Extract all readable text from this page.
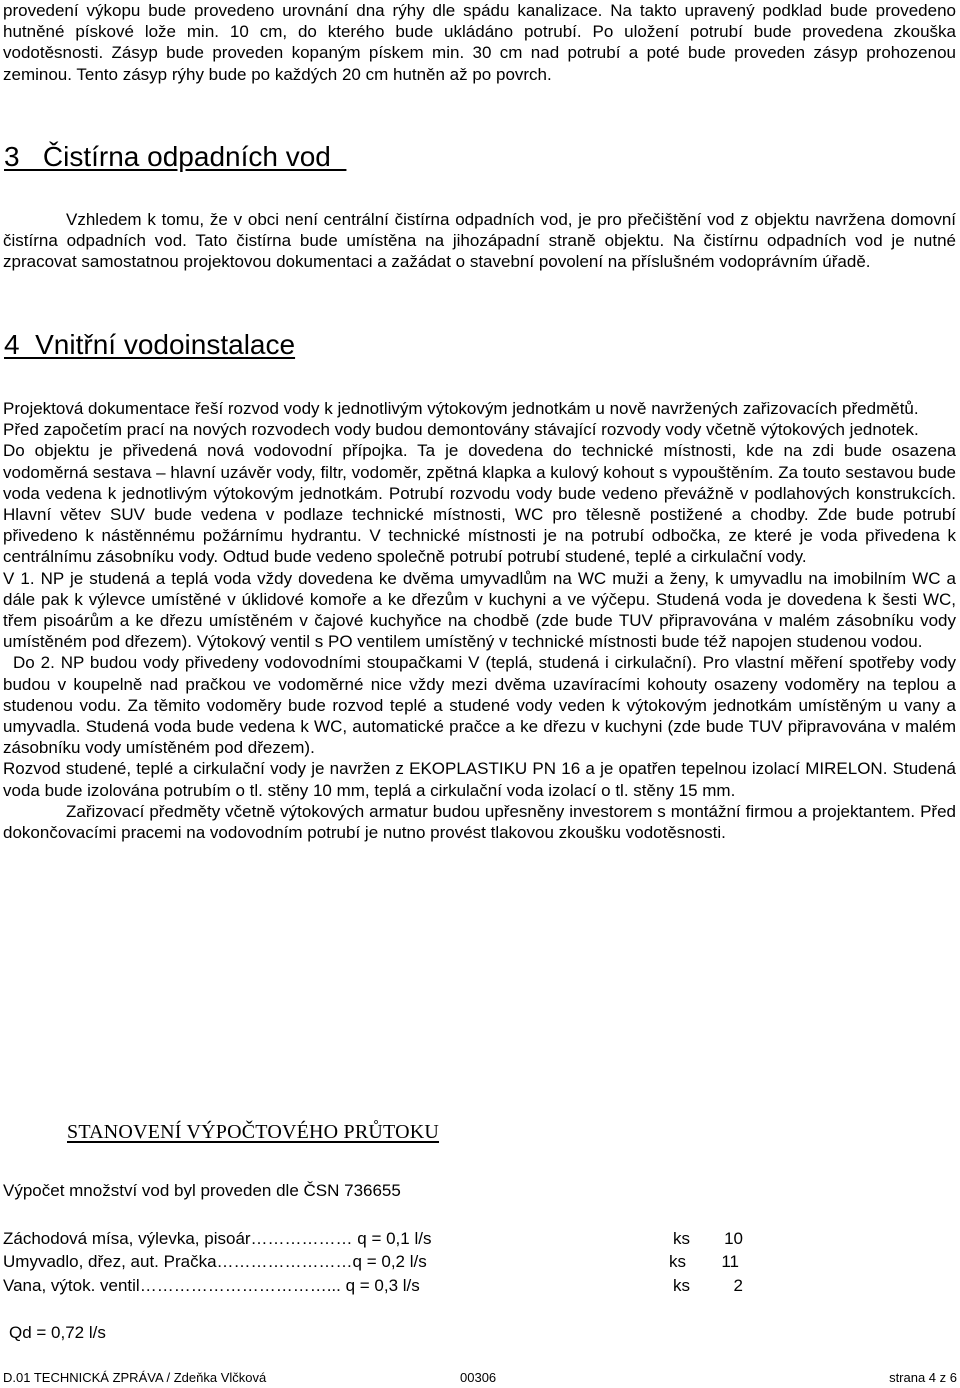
provedení výkopu bude provedeno urovnání dna rýhy dle spádu kanalizace. Na takto upravený podklad bude provedeno hutněné pískové lože min. 10 cm, do kterého bude ukládáno potrubí. Po uložení potrubí bude provedena zkouška vodotěsnosti. Zásyp bude proveden kopaným pískem min. 30 cm nad potrubí a poté bude proveden zásyp prohozenou zeminou. Tento zásyp rýhy bude po každých 20 cm hutněn až po povrch.
3   Čistírna odpadních vod
Vzhledem k tomu, že v obci není centrální čistírna odpadních vod, je pro přečištění vod z objektu navržena domovní čistírna odpadních vod. Tato čistírna bude umístěna na jihozápadní straně objektu. Na čistírnu odpadních vod je nutné zpracovat samostatnou projektovou dokumentaci a zažádat o stavební povolení na příslušném vodoprávním úřadě.
4  Vnitřní vodoinstalace
Projektová dokumentace řeší rozvod vody k jednotlivým výtokovým jednotkám u nově navržených zařizovacích předmětů.
Před započetím prací na nových rozvodech vody budou demontovány stávající rozvody vody včetně výtokových jednotek.
Do objektu je přivedená nová vodovodní přípojka. Ta je dovedena do technické místnosti, kde na zdi bude osazena vodoměrná sestava – hlavní uzávěr vody, filtr, vodoměr, zpětná klapka a kulový kohout s vypouštěním. Za touto sestavou bude voda vedena k jednotlivým výtokovým jednotkám. Potrubí rozvodu vody bude vedeno převážně v podlahových konstrukcích. Hlavní větev SUV bude vedena v podlaze technické místnosti, WC pro tělesně postižené a chodby. Zde bude potrubí přivedeno k nástěnnému požárnímu hydrantu. V technické místnosti je na potrubí odbočka, ze které je voda přivedena k centrálnímu zásobníku vody. Odtud bude vedeno společně potrubí potrubí studené, teplé a cirkulační vody.
V 1. NP je studená a teplá voda vždy dovedena ke dvěma umyvadlům na WC muži a ženy, k umyvadlu na imobilním WC a dále pak k výlevce umístěné v úklidové komoře a ke dřezům v kuchyni a ve výčepu. Studená voda je dovedena k šesti WC, třem pisoárům a ke dřezu umístěném v čajové kuchyňce na chodbě (zde bude TUV připravována v malém zásobníku vody umístěném pod dřezem). Výtokový ventil s PO ventilem umístěný v technické místnosti bude též napojen studenou vodou.
Do 2. NP budou vody přivedeny vodovodními stoupačkami V (teplá, studená i cirkulační). Pro vlastní měření spotřeby vody budou v koupelně nad pračkou ve vodoměrné nice vždy mezi dvěma uzavíracími kohouty osazeny vodoměry na teplou a studenou vodu. Za těmito vodoměry bude rozvod teplé a studené vody veden k výtokovým jednotkám umístěným u vany a umyvadla. Studená voda bude vedena k WC, automatické pračce a ke dřezu v kuchyni (zde bude TUV připravována v malém zásobníku vody umístěném pod dřezem).
Rozvod studené, teplé a cirkulační vody je navržen z EKOPLASTIKU PN 16 a je opatřen tepelnou izolací MIRELON. Studená voda bude izolována potrubím o tl. stěny 10 mm, teplá a cirkulační voda izolací o tl. stěny 15 mm.
Zařizovací předměty včetně výtokových armatur budou upřesněny investorem s montážní firmou a projektantem. Před dokončovacími pracemi na vodovodním potrubí je nutno provést tlakovou zkoušku vodotěsnosti.
STANOVENÍ VÝPOČTOVÉHO PRŮTOKU
Výpočet množství vod byl proveden dle ČSN 736655
Záchodová mísa, výlevka, pisoár……………… q = 0,1 l/s	ks	10
Umyvadlo, dřez, aut. Pračka……………………q = 0,2 l/s	ks	11
Vana, výtok. ventil……………………………... q = 0,3 l/s	ks	2
Qd = 0,72 l/s
D.01 TECHNICKÁ ZPRÁVA / Zdeňka Vlčková	00306	strana 4 z 6
